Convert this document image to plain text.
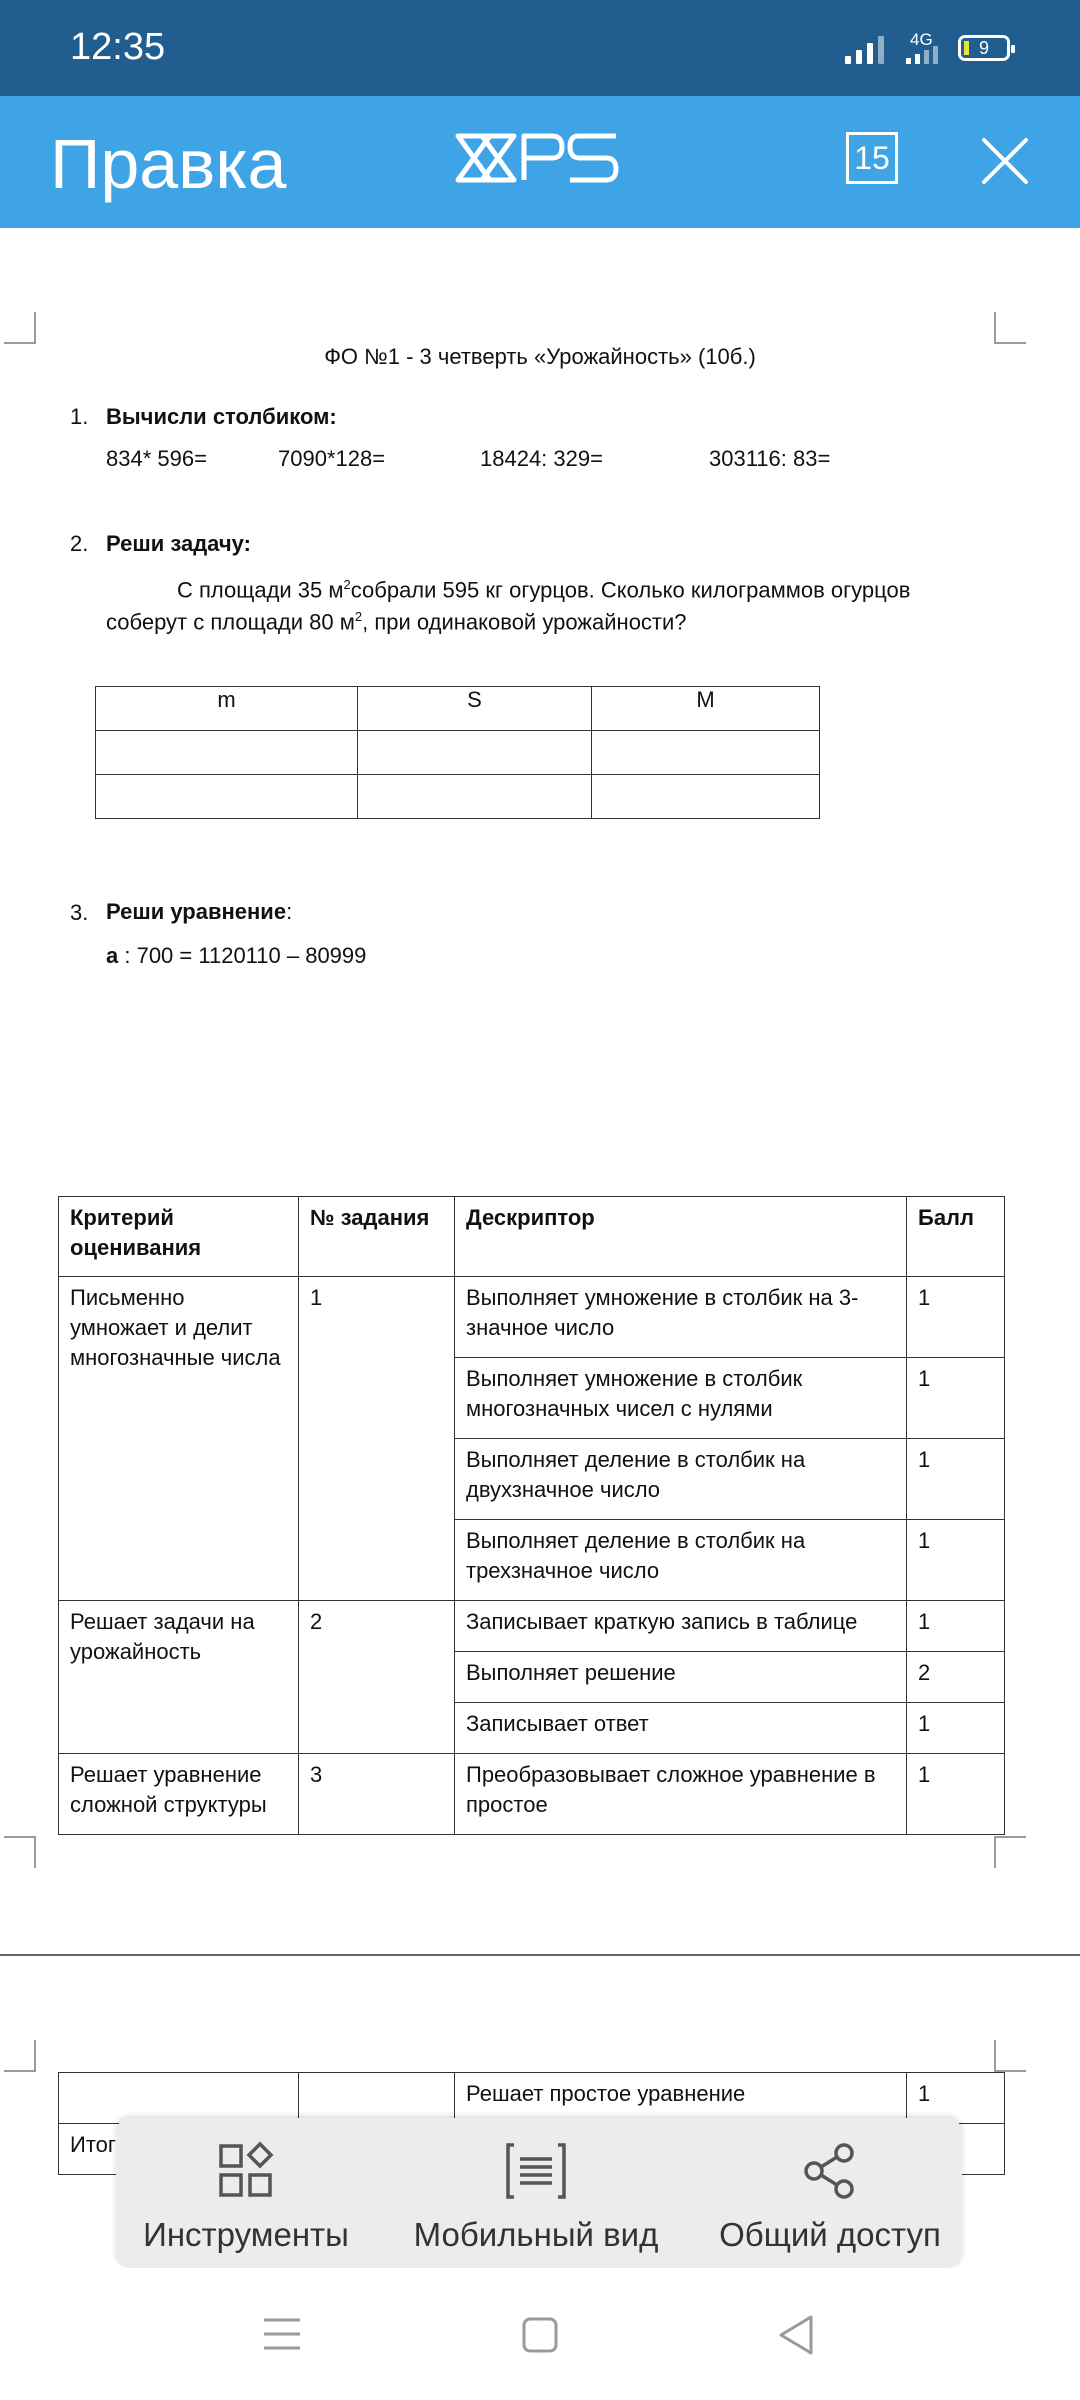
12:35	4G	9
Правка	15
ФО №1 - 3 четверть «Урожайность» (10б.)
1. Вычисли столбиком:
834* 596=	7090*128=	18424: 329=	303116: 83=
2. Реши задачу:
С площади 35 $м^2собрали$ 595 кг огурцов. Сколько килограммов огурцов
соберут с площади 80 $м^2$, при одинаковой урожайности?
m	S	M

3. Реши уравнение:
а : 700 = 1120110 – 80999
Критерий оценивания	№ задания	Дескриптор	Балл
Письменно умножает и делит многозначные числа	1	Выполняет умножение в столбик на 3-значное число	1
		Выполняет умножение в столбик многозначных чисел с нулями	1
		Выполняет деление в столбик на двухзначное число	1
		Выполняет деление в столбик на трехзначное число	1
Решает задачи на урожайность	2	Записывает краткую запись в таблице	1
		Выполняет решение	2
		Записывает ответ	1
Решает уравнение сложной структуры	3	Преобразовывает сложное уравнение в простое	1
		Решает простое уравнение	1
Итог			
Инструменты Мобильный вид Общий доступ
